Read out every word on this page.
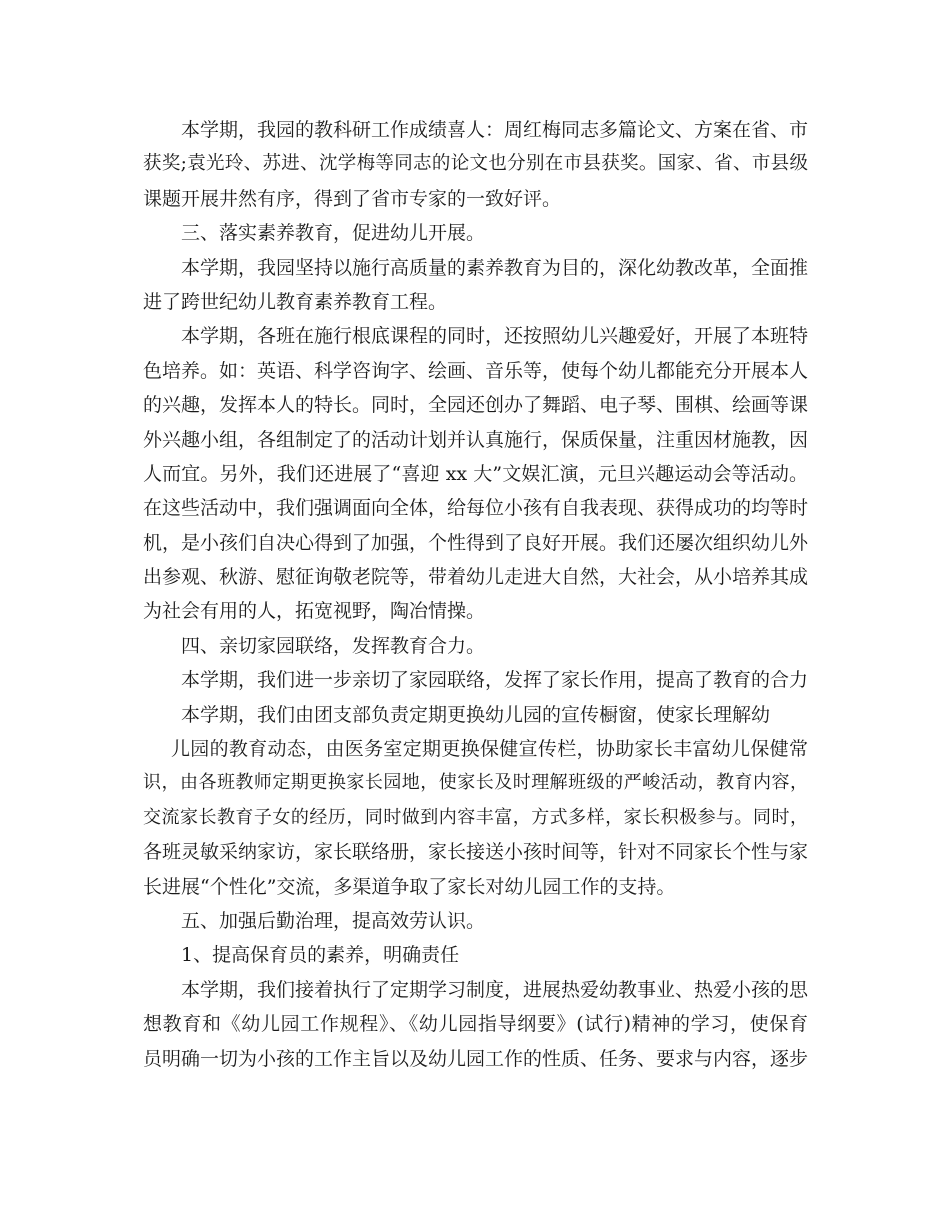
本学期，我园的教科研工作成绩喜人：周红梅同志多篇论文、方案在省、市
获奖;袁光玲、苏进、沈学梅等同志的论文也分别在市县获奖。国家、省、市县级
课题开展井然有序，得到了省市专家的一致好评。
三、落实素养教育，促进幼儿开展。
本学期，我园坚持以施行高质量的素养教育为目的，深化幼教改革，全面推
进了跨世纪幼儿教育素养教育工程。
本学期，各班在施行根底课程的同时，还按照幼儿兴趣爱好，开展了本班特
色培养。如：英语、科学咨询字、绘画、音乐等，使每个幼儿都能充分开展本人
的兴趣，发挥本人的特长。同时，全园还创办了舞蹈、电子琴、围棋、绘画等课
外兴趣小组，各组制定了的活动计划并认真施行，保质保量，注重因材施教，因
人而宜。另外，我们还进展了“喜迎 xx 大”文娱汇演，元旦兴趣运动会等活动。
在这些活动中，我们强调面向全体，给每位小孩有自我表现、获得成功的均等时
机，是小孩们自决心得到了加强，个性得到了良好开展。我们还屡次组织幼儿外
出参观、秋游、慰征询敬老院等，带着幼儿走进大自然，大社会，从小培养其成
为社会有用的人，拓宽视野，陶冶情操。
四、亲切家园联络，发挥教育合力。
本学期，我们进一步亲切了家园联络，发挥了家长作用，提高了教育的合力
本学期，我们由团支部负责定期更换幼儿园的宣传橱窗，使家长理解幼
儿园的教育动态，由医务室定期更换保健宣传栏，协助家长丰富幼儿保健常
识，由各班教师定期更换家长园地，使家长及时理解班级的严峻活动，教育内容，
交流家长教育子女的经历，同时做到内容丰富，方式多样，家长积极参与。同时，
各班灵敏采纳家访，家长联络册，家长接送小孩时间等，针对不同家长个性与家
长进展“个性化”交流，多渠道争取了家长对幼儿园工作的支持。
五、加强后勤治理，提高效劳认识。
1、提高保育员的素养，明确责任
本学期，我们接着执行了定期学习制度，进展热爱幼教事业、热爱小孩的思
想教育和《幼儿园工作规程》、《幼儿园指导纲要》(试行)精神的学习，使保育
员明确一切为小孩的工作主旨以及幼儿园工作的性质、任务、要求与内容，逐步
